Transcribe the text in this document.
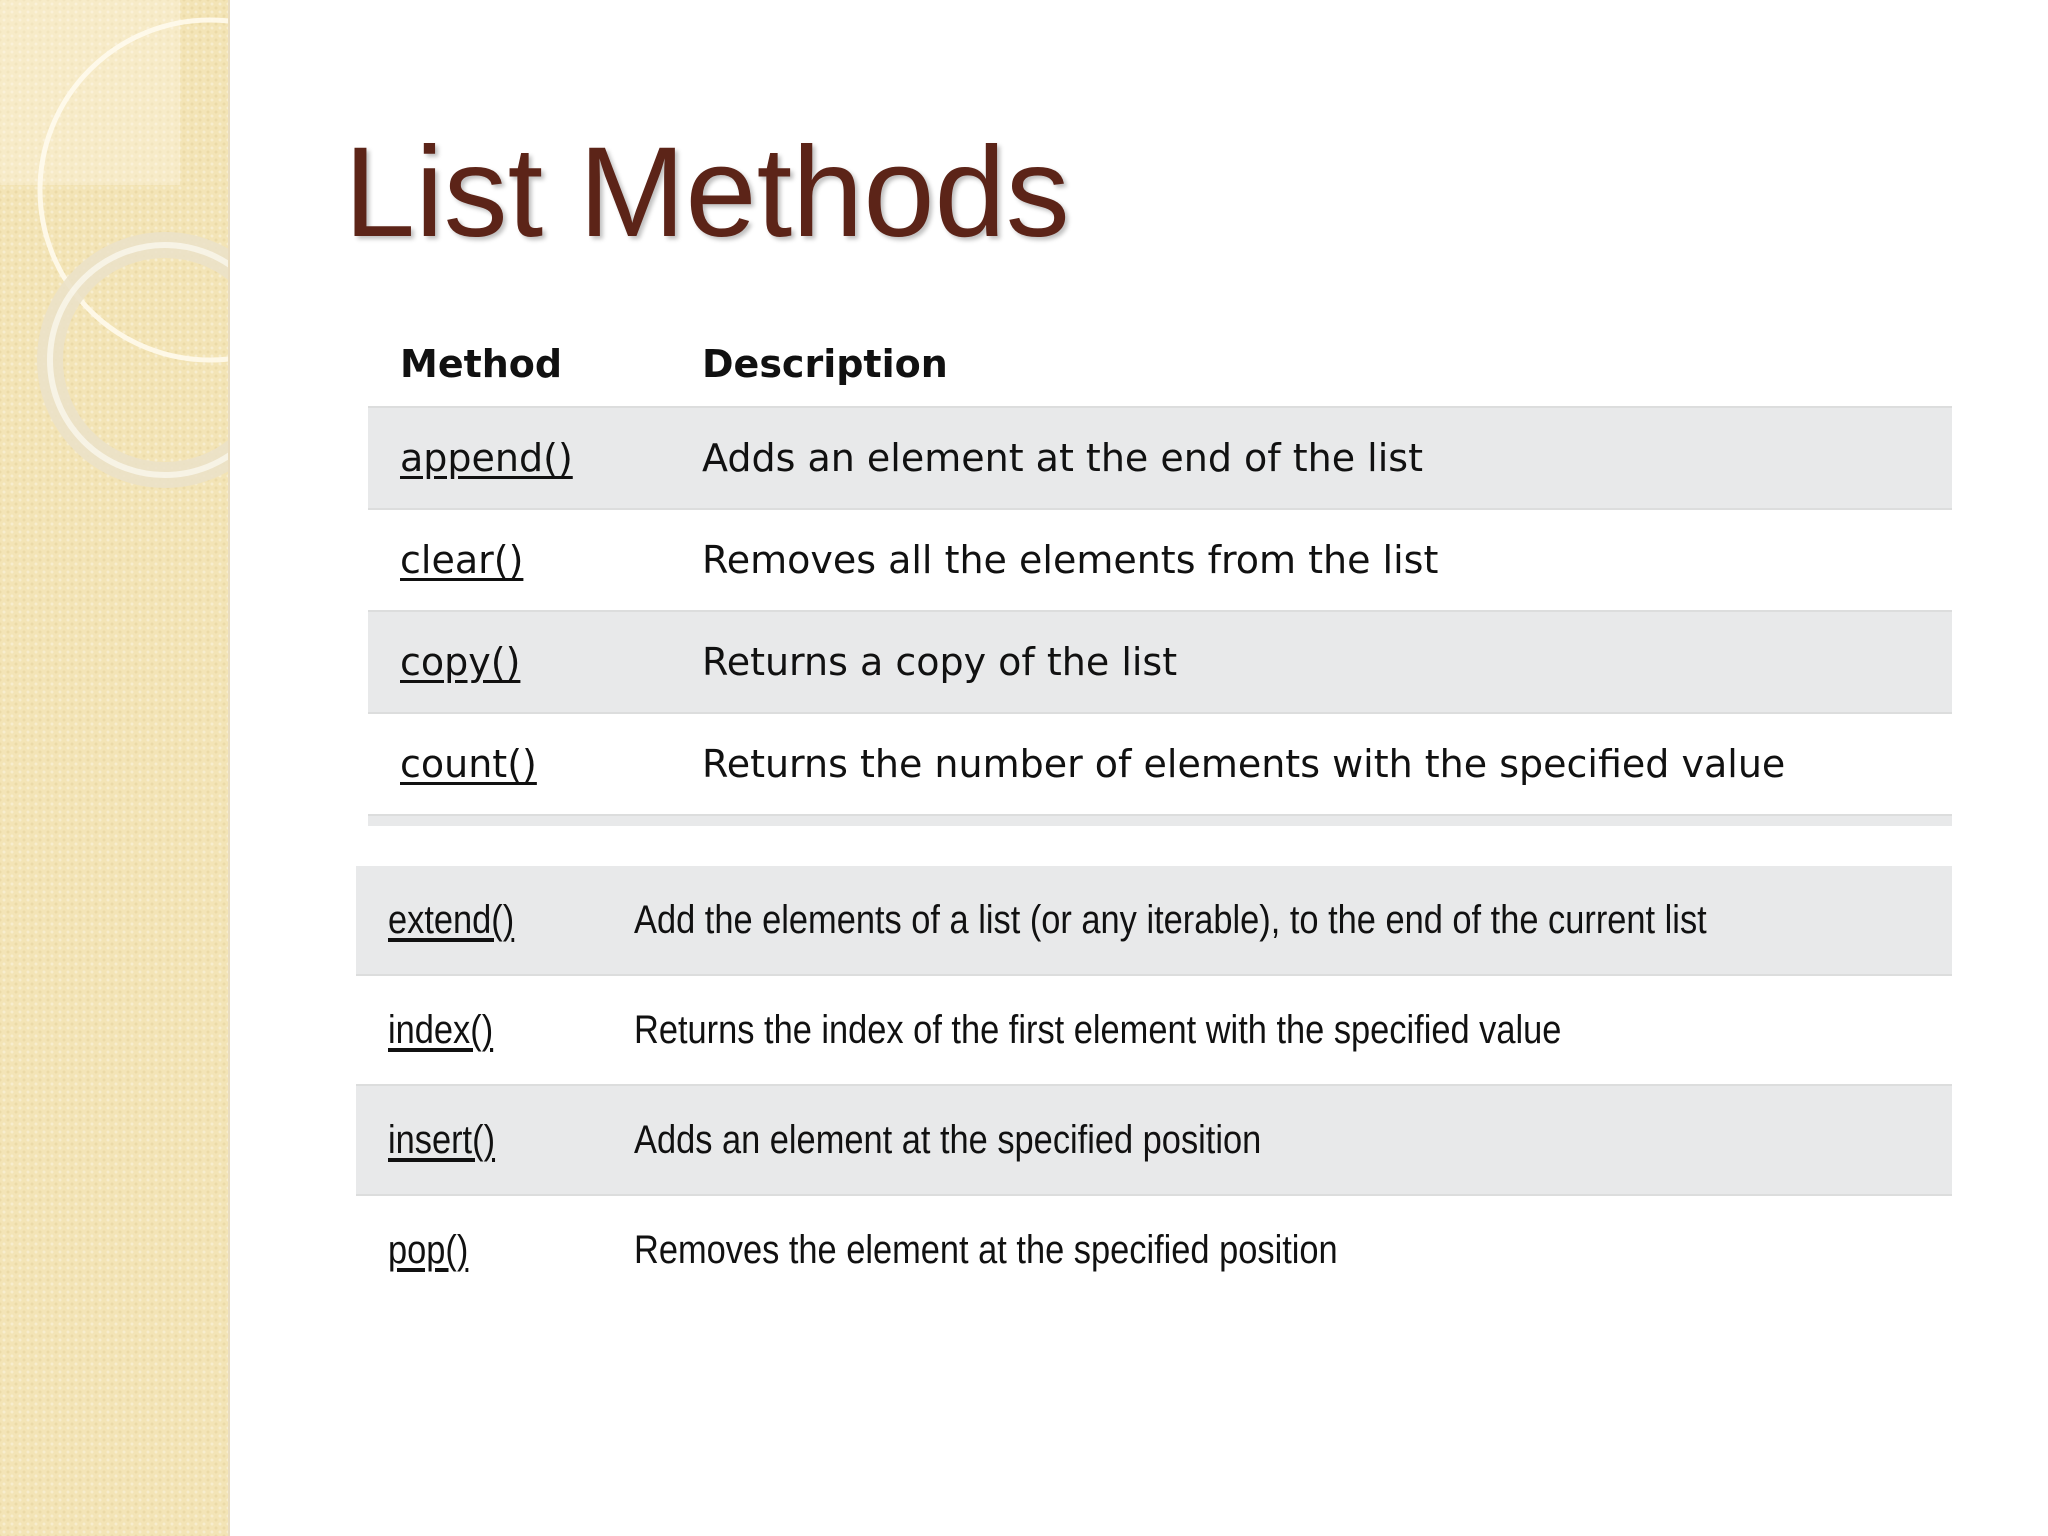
List Methods
Method	Description
append()	Adds an element at the end of the list
clear()	Removes all the elements from the list
copy()	Returns a copy of the list
count()	Returns the number of elements with the specified value
extend()	Add the elements of a list (or any iterable), to the end of the current list
index()	Returns the index of the first element with the specified value
insert()	Adds an element at the specified position
pop()	Removes the element at the specified position
